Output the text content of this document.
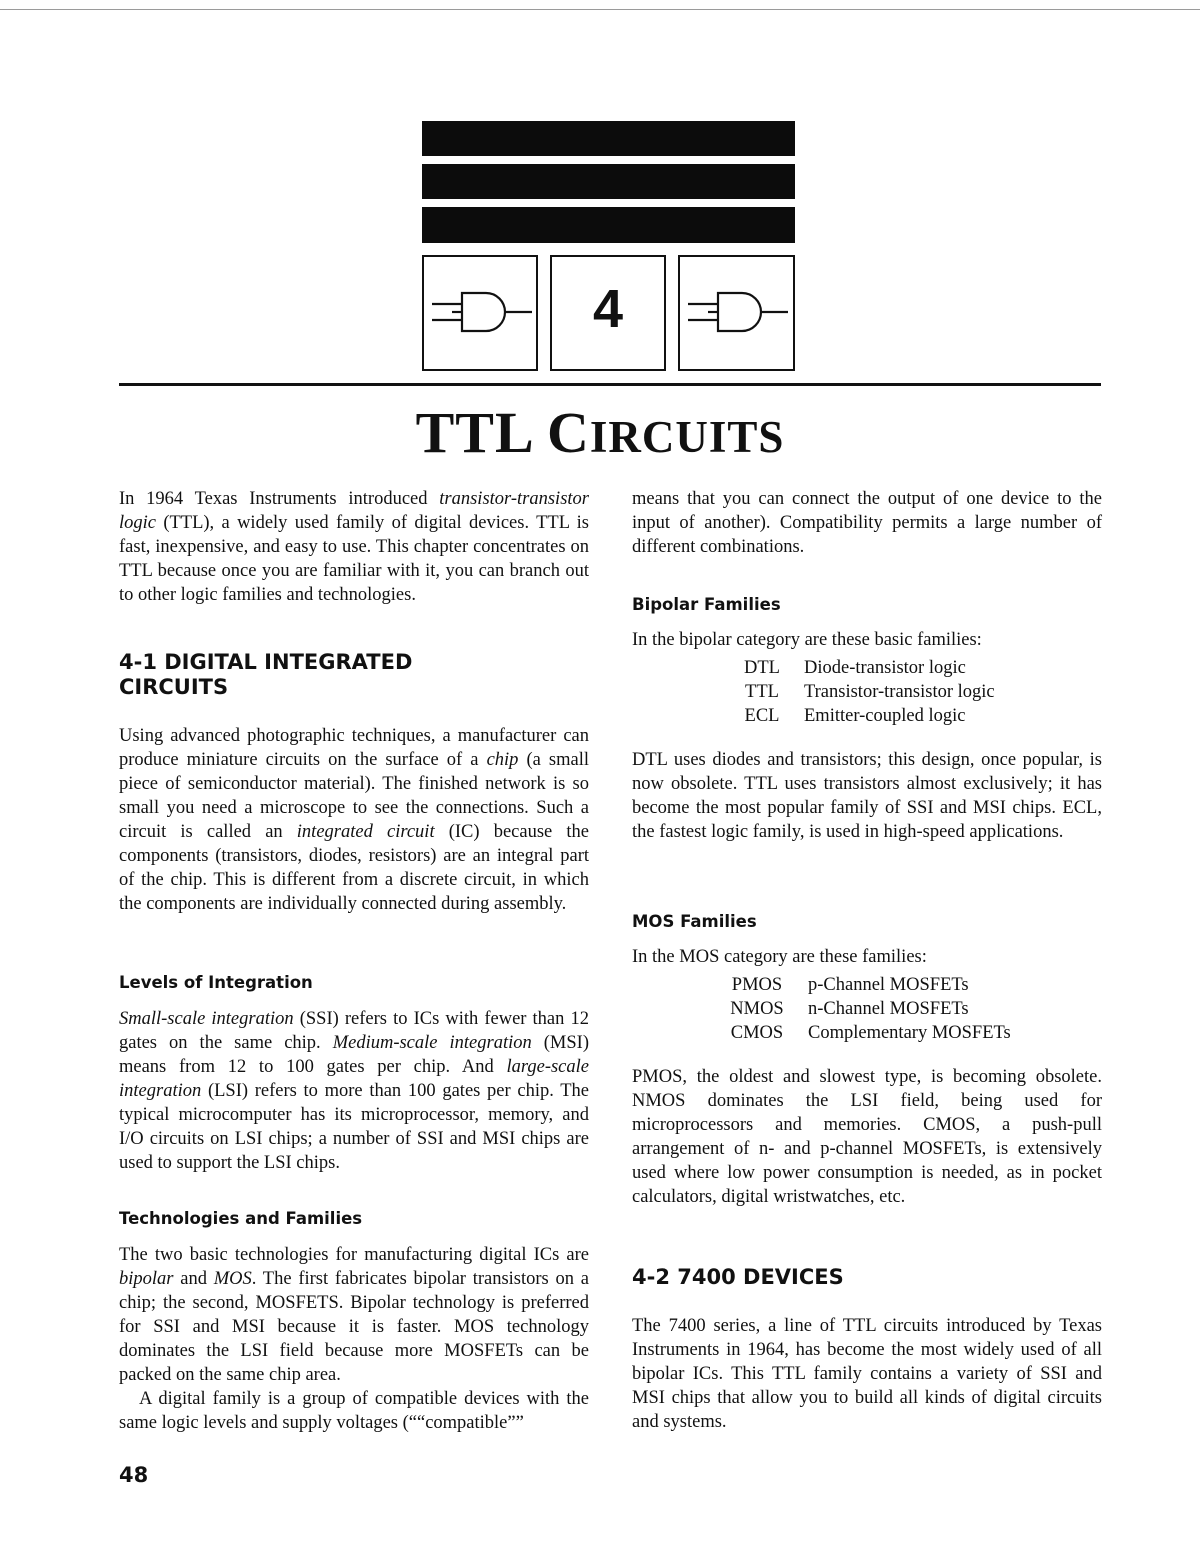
4
TTL CIRCUITS

In 1964 Texas Instruments introduced transistor-transistor logic (TTL), a widely used family of digital devices. TTL is fast, inexpensive, and easy to use. This chapter concentrates on TTL because once you are familiar with it, you can branch out to other logic families and technologies.

4-1 DIGITAL INTEGRATED
CIRCUITS

Using advanced photographic techniques, a manufacturer can produce miniature circuits on the surface of a chip (a small piece of semiconductor material). The finished network is so small you need a microscope to see the connections. Such a circuit is called an integrated circuit (IC) because the components (transistors, diodes, resistors) are an integral part of the chip. This is different from a discrete circuit, in which the components are individually connected during assembly.

Levels of Integration

Small-scale integration (SSI) refers to ICs with fewer than 12 gates on the same chip. Medium-scale integration (MSI) means from 12 to 100 gates per chip. And large-scale integration (LSI) refers to more than 100 gates per chip. The typical microcomputer has its microprocessor, memory, and I/O circuits on LSI chips; a number of SSI and MSI chips are used to support the LSI chips.

Technologies and Families

The two basic technologies for manufacturing digital ICs are bipolar and MOS. The first fabricates bipolar transistors on a chip; the second, MOSFETS. Bipolar technology is preferred for SSI and MSI because it is faster. MOS technology dominates the LSI field because more MOSFETs can be packed on the same chip area.

A digital family is a group of compatible devices with the same logic levels and supply voltages (““compatible””

means that you can connect the output of one device to the input of another). Compatibility permits a large number of different combinations.

Bipolar Families

In the bipolar category are these basic families:

DTL	Diode-transistor logic
TTL	Transistor-transistor logic
ECL	Emitter-coupled logic

DTL uses diodes and transistors; this design, once popular, is now obsolete. TTL uses transistors almost exclusively; it has become the most popular family of SSI and MSI chips. ECL, the fastest logic family, is used in high-speed applications.

MOS Families

In the MOS category are these families:

PMOS	p-Channel MOSFETs
NMOS	n-Channel MOSFETs
CMOS	Complementary MOSFETs

PMOS, the oldest and slowest type, is becoming obsolete. NMOS dominates the LSI field, being used for microprocessors and memories. CMOS, a push-pull arrangement of n- and p-channel MOSFETs, is extensively used where low power consumption is needed, as in pocket calculators, digital wristwatches, etc.

4-2 7400 DEVICES

The 7400 series, a line of TTL circuits introduced by Texas Instruments in 1964, has become the most widely used of all bipolar ICs. This TTL family contains a variety of SSI and MSI chips that allow you to build all kinds of digital circuits and systems.

48
